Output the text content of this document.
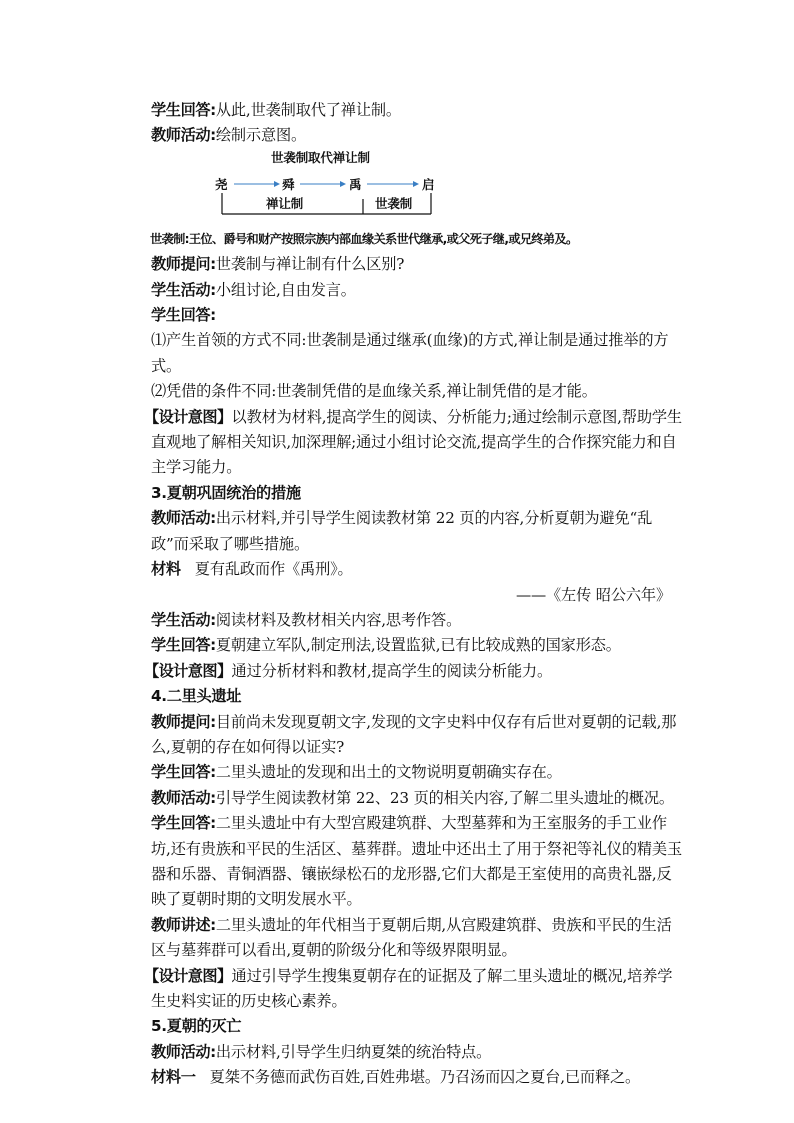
学生回答:从此,世袭制取代了禅让制。

教师活动:绘制示意图。

世袭制取代禅让制
尧	舜	禹	启
禅让制	世袭制

世袭制:王位、爵号和财产按照宗族内部血缘关系世代继承,或父死子继,或兄终弟及。

教师提问:世袭制与禅让制有什么区别?

学生活动:小组讨论,自由发言。

学生回答:

⑴产生首领的方式不同:世袭制是通过继承(血缘)的方式,禅让制是通过推举的方式。

⑵凭借的条件不同:世袭制凭借的是血缘关系,禅让制凭借的是才能。

【设计意图】以教材为材料,提高学生的阅读、分析能力;通过绘制示意图,帮助学生直观地了解相关知识,加深理解;通过小组讨论交流,提高学生的合作探究能力和自主学习能力。

3.夏朝巩固统治的措施

教师活动:出示材料,并引导学生阅读教材第 22 页的内容,分析夏朝为避免“乱政”而采取了哪些措施。

材料 夏有乱政而作《禹刑》。

——《左传 昭公六年》

学生活动:阅读材料及教材相关内容,思考作答。

学生回答:夏朝建立军队,制定刑法,设置监狱,已有比较成熟的国家形态。

【设计意图】通过分析材料和教材,提高学生的阅读分析能力。

4.二里头遗址

教师提问:目前尚未发现夏朝文字,发现的文字史料中仅存有后世对夏朝的记载,那么,夏朝的存在如何得以证实?

学生回答:二里头遗址的发现和出土的文物说明夏朝确实存在。

教师活动:引导学生阅读教材第 22、23 页的相关内容,了解二里头遗址的概况。

学生回答:二里头遗址中有大型宫殿建筑群、大型墓葬和为王室服务的手工业作坊,还有贵族和平民的生活区、墓葬群。遗址中还出土了用于祭祀等礼仪的精美玉器和乐器、青铜酒器、镶嵌绿松石的龙形器,它们大都是王室使用的高贵礼器,反映了夏朝时期的文明发展水平。

教师讲述:二里头遗址的年代相当于夏朝后期,从宫殿建筑群、贵族和平民的生活区与墓葬群可以看出,夏朝的阶级分化和等级界限明显。

【设计意图】通过引导学生搜集夏朝存在的证据及了解二里头遗址的概况,培养学生史料实证的历史核心素养。

5.夏朝的灭亡

教师活动:出示材料,引导学生归纳夏桀的统治特点。

材料一 夏桀不务德而武伤百姓,百姓弗堪。乃召汤而囚之夏台,已而释之。
